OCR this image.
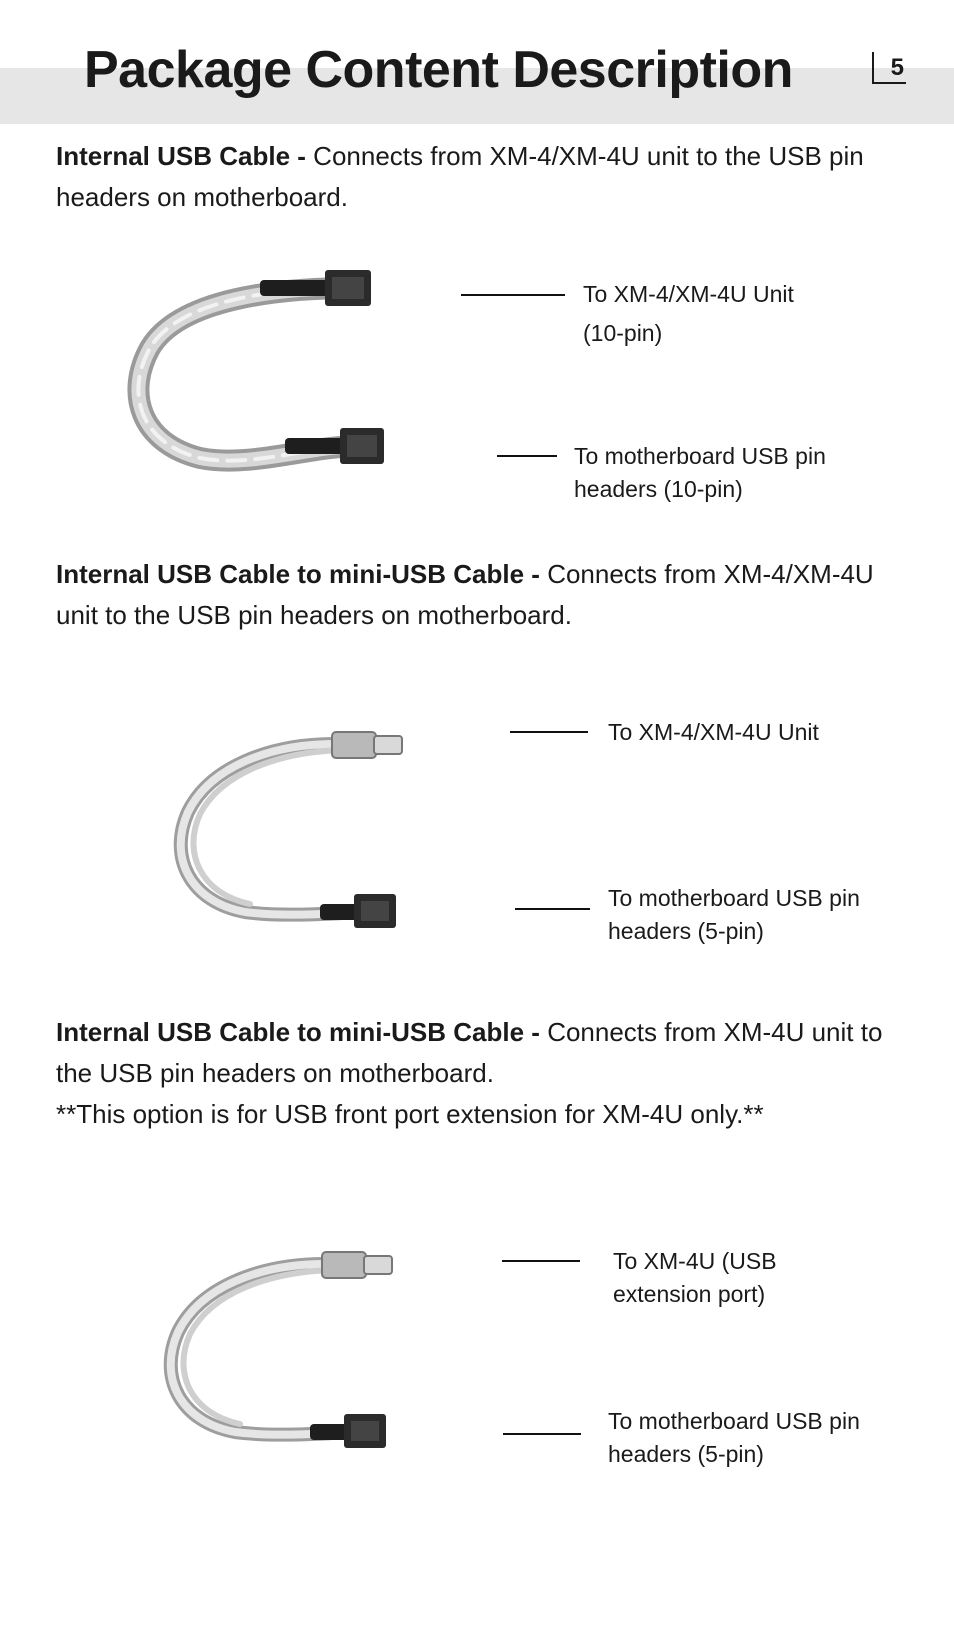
Package Content Description	5
Internal USB Cable - Connects from XM-4/XM-4U unit to the USB pin headers on motherboard.
To XM-4/XM-4U Unit
(10-pin)
To motherboard USB pin headers (10-pin)
Internal USB Cable to mini-USB Cable - Connects from XM-4/XM-4U unit to the USB pin headers on motherboard.
To XM-4/XM-4U Unit
To motherboard USB pin headers (5-pin)
Internal USB Cable to mini-USB Cable - Connects from XM-4U unit to the USB pin headers on motherboard.
**This option is for USB front port extension for XM-4U only.**
To XM-4U (USB extension port)
To motherboard USB pin headers (5-pin)
